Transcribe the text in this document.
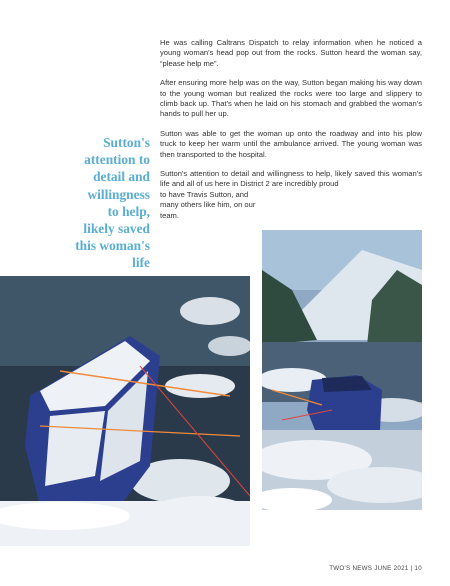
Sutton's attention to detail and willingness to help, likely saved this woman's life

He was calling Caltrans Dispatch to relay information when he noticed a young woman's head pop out from the rocks. Sutton heard the woman say, “please help me”.

After ensuring more help was on the way, Sutton began making his way down to the young woman but realized the rocks were too large and slippery to climb back up. That's when he laid on his stomach and grabbed the woman's hands to pull her up.

Sutton was able to get the woman up onto the roadway and into his plow truck to keep her warm until the ambulance arrived. The young woman was then transported to the hospital.

Sutton's attention to detail and willingness to help, likely saved this woman's life and all of us here in District 2 are incredibly proud
to have Travis Sutton, and many others like him, on our team.

TWO'S NEWS JUNE 2021 | 10
